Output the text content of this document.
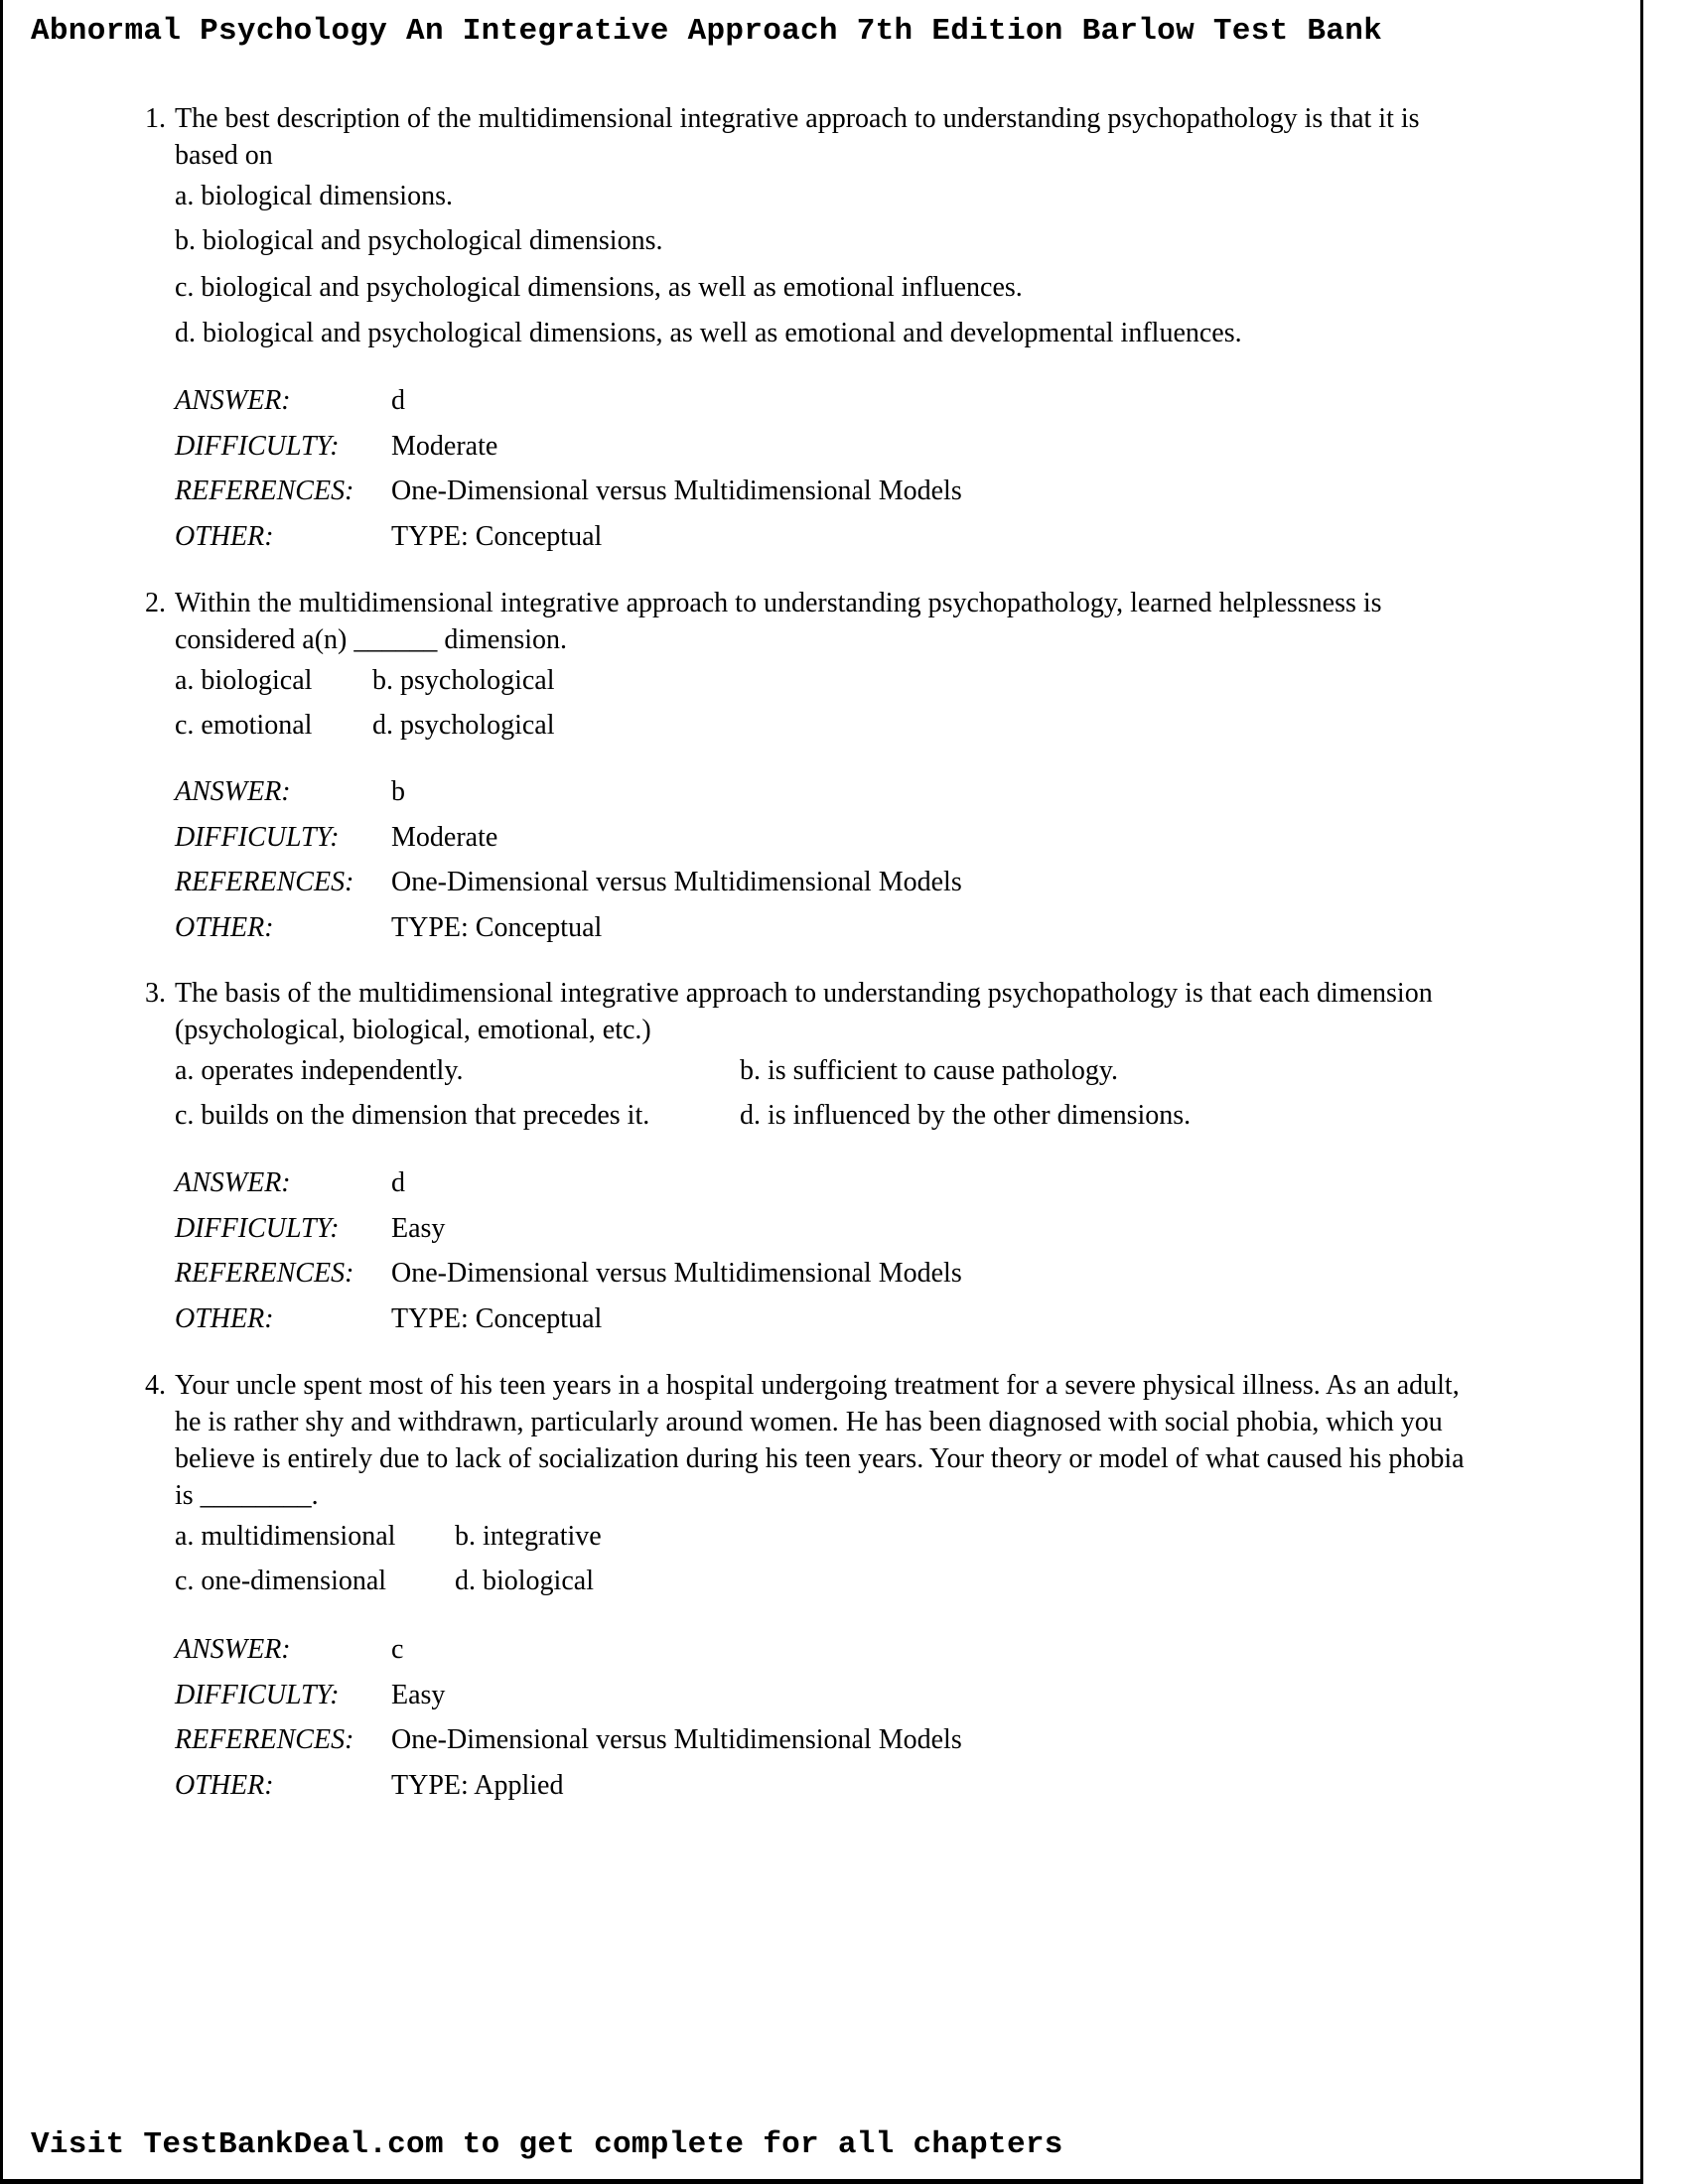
Abnormal Psychology An Integrative Approach 7th Edition Barlow Test Bank
1. The best description of the multidimensional integrative approach to understanding psychopathology is that it is
based on
a. biological dimensions.
b. biological and psychological dimensions.
c. biological and psychological dimensions, as well as emotional influences.
d. biological and psychological dimensions, as well as emotional and developmental influences.
ANSWER:	d
DIFFICULTY: Moderate
REFERENCES: One-Dimensional versus Multidimensional Models
OTHER:	TYPE: Conceptual
2. Within the multidimensional integrative approach to understanding psychopathology, learned helplessness is
considered a(n) ______ dimension.
a. biological b. psychological
c. emotional d. psychological
ANSWER:	b
DIFFICULTY: Moderate
REFERENCES: One-Dimensional versus Multidimensional Models
OTHER:	TYPE: Conceptual
3. The basis of the multidimensional integrative approach to understanding psychopathology is that each dimension
(psychological, biological, emotional, etc.)
a. operates independently.	b. is sufficient to cause pathology.
c. builds on the dimension that precedes it.	d. is influenced by the other dimensions.
ANSWER:	d
DIFFICULTY: Easy
REFERENCES: One-Dimensional versus Multidimensional Models
OTHER:	TYPE: Conceptual
4. Your uncle spent most of his teen years in a hospital undergoing treatment for a severe physical illness. As an adult,
he is rather shy and withdrawn, particularly around women. He has been diagnosed with social phobia, which you
believe is entirely due to lack of socialization during his teen years. Your theory or model of what caused his phobia
is ________.
a. multidimensional b. integrative
c. one-dimensional d. biological
ANSWER:	c
DIFFICULTY: Easy
REFERENCES: One-Dimensional versus Multidimensional Models
OTHER:	TYPE: Applied
Visit TestBankDeal.com to get complete for all chapters
